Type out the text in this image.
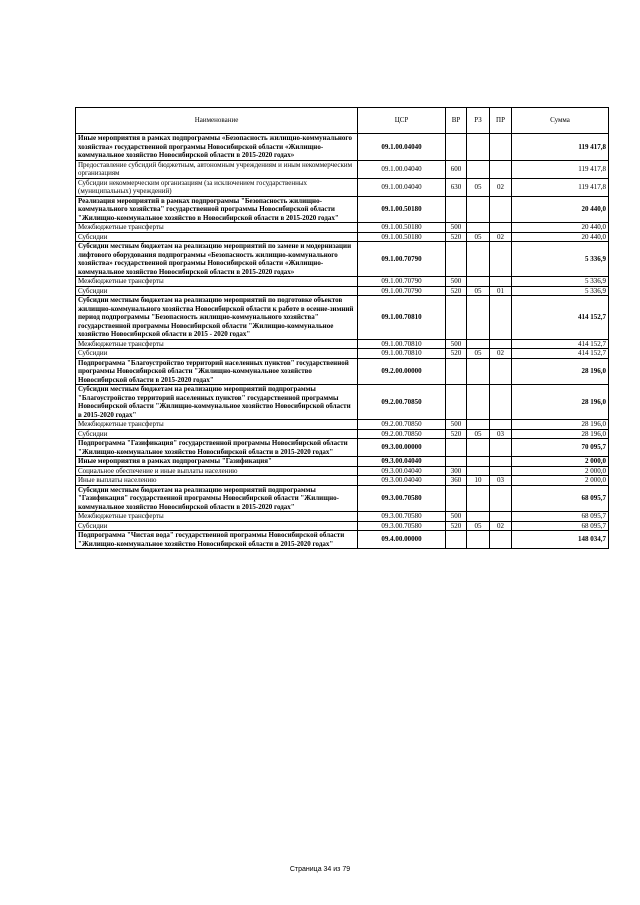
Наименование	ЦСР	ВР	РЗ	ПР	Сумма
Иные мероприятия в рамках подпрограммы «Безопасность жилищно-коммунального хозяйства» государственной программы Новосибирской области «Жилищно-коммунальное хозяйство Новосибирской области в 2015-2020 годах»	09.1.00.04040				119 417,8
Предоставление субсидий бюджетным, автономным учреждениям и иным некоммерческим организациям	09.1.00.04040	600			119 417,8
Субсидии некоммерческим организациям (за исключением государственных (муниципальных) учреждений)	09.1.00.04040	630	05	02	119 417,8
Реализация мероприятий в рамках подпрограммы "Безопасность жилищно-коммунального хозяйства" государственной программы Новосибирской области "Жилищно-коммунальное хозяйство в Новосибирской области в 2015-2020 годах"	09.1.00.50180				20 440,0
Межбюджетные трансферты	09.1.00.50180	500			20 440,0
Субсидии	09.1.00.50180	520	05	02	20 440,0
Субсидии местным бюджетам на реализацию мероприятий по замене и модернизации лифтового оборудования подпрограммы «Безопасность жилищно-коммунального хозяйства» государственной программы Новосибирской области «Жилищно-коммунальное хозяйство Новосибирской области в 2015-2020 годах»	09.1.00.70790				5 336,9
Межбюджетные трансферты	09.1.00.70790	500			5 336,9
Субсидии	09.1.00.70790	520	05	01	5 336,9
Субсидии местным бюджетам на реализацию мероприятий по подготовке объектов жилищно-коммунального хозяйства Новосибирской области к работе в осенне-зимний период подпрограммы "Безопасность жилищно-коммунального хозяйства" государственной программы Новосибирской области "Жилищно-коммунальное хозяйство Новосибирской области в 2015 - 2020 годах"	09.1.00.70810				414 152,7
Межбюджетные трансферты	09.1.00.70810	500			414 152,7
Субсидии	09.1.00.70810	520	05	02	414 152,7
Подпрограмма "Благоустройство территорий населенных пунктов" государственной программы Новосибирской области "Жилищно-коммунальное хозяйство Новосибирской области в 2015-2020 годах"	09.2.00.00000				28 196,0
Субсидии местным бюджетам на реализацию мероприятий подпрограммы "Благоустройство территорий населенных пунктов" государственной программы Новосибирской области "Жилищно-коммунальное хозяйство Новосибирской области в 2015-2020 годах"	09.2.00.70850				28 196,0
Межбюджетные трансферты	09.2.00.70850	500			28 196,0
Субсидии	09.2.00.70850	520	05	03	28 196,0
Подпрограмма "Газификация" государственной программы Новосибирской области "Жилищно-коммунальное хозяйство Новосибирской области в 2015-2020 годах"	09.3.00.00000				70 095,7
Иные мероприятия в рамках подпрограммы "Газификация"	09.3.00.04040				2 000,0
Социальное обеспечение и иные выплаты населению	09.3.00.04040	300			2 000,0
Иные выплаты населению	09.3.00.04040	360	10	03	2 000,0
Субсидии местным бюджетам на реализацию мероприятий подпрограммы "Газификация" государственной программы Новосибирской области "Жилищно-коммунальное хозяйство Новосибирской области в 2015-2020 годах"	09.3.00.70580				68 095,7
Межбюджетные трансферты	09.3.00.70580	500			68 095,7
Субсидии	09.3.00.70580	520	05	02	68 095,7
Подпрограмма "Чистая вода" государственной программы Новосибирской области "Жилищно-коммунальное хозяйство Новосибирской области в 2015-2020 годах"	09.4.00.00000				148 034,7
Страница 34 из 79
